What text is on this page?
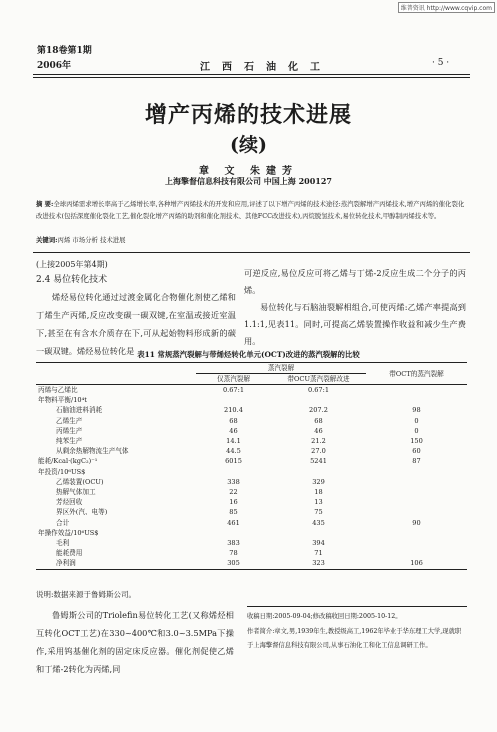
维普资讯 http://www.cqvip.com
第18卷第1期
2006年	江西石油化工	· 5 ·
增产丙烯的技术进展
(续)
章 文 朱建芳
上海擎督信息科技有限公司 中国上海 200127
摘 要:全球丙烯需求增长率高于乙烯增长率,各种增产丙烯技术的开发和应用,评述了以下增产丙烯的技术途径:蒸汽裂解增产丙烯技术,增产丙烯的催化裂化改进技术(包括深度催化裂化工艺,催化裂化增产丙烯的助剂和催化剂技术、其他FCC改进技术),丙烷脱氢技术,易位转化技术,甲醇制丙烯技术等。
关键词:丙烯 市场分析 技术进展
(上接2005年第4期)
2.4 易位转化技术
烯烃易位转化通过过渡金属化合物催化剂使乙烯和丁烯生产丙烯,反应改变碳一碳双键,在室温或接近室温下,甚至在有含水介质存在下,可从起始物料形成新的碳一碳双键。烯烃易位转化是

可逆反应,易位反应可将乙烯与丁烯-2反应生成二个分子的丙烯。

易位转化与石脑油裂解相组合,可使丙烯:乙烯产率提高到1.1:1,见表11。同时,可提高乙烯装置操作收益和减少生产费用。

表11 常规蒸汽裂解与带烯烃转化单元(OCT)改进的蒸汽裂解的比较
	蒸汽裂解		带OCT的蒸汽裂解
	仅蒸汽裂解	带OCU蒸汽裂解改进	
丙烯与乙烯比	0.67:1	0.67:1	
年物料平衡/10⁴t			
石脑油进料消耗	210.4	207.2	98
乙烯生产	68	68	0
丙烯生产	46	46	0
纯苯生产	14.1	21.2	150
从剩余热解物流生产气体	44.5	27.0	60
能耗/Kcal·(kgC₂)⁻¹	6015	5241	87
年投资/10⁶US$			
乙烯装置(OCU)	338	329	
热解气体加工	22	18	
芳烃回收	16	13	
界区外(汽、电等)	85	75	
合计	461	435	90
年操作效益/10⁶US$			
毛利	383	394	
能耗费用	78	71	
净利润	305	323	106
说明:数据来源于鲁姆斯公司。
鲁姆斯公司的Triolefin易位转化工艺(又称烯烃相互转化OCT工艺)在330~400℃和3.0~3.5MPa下操作,采用钨基催化剂的固定床反应器。催化剂促使乙烯和丁烯-2转化为丙烯,同
收稿日期:2005-09-04;修改稿收回日期:2005-10-12。
作者简介:章文,男,1939年生,教授级高工,1962年毕业于华东理工大学,现就职于上海擎督信息科技有限公司,从事石油化工和化工信息调研工作。
